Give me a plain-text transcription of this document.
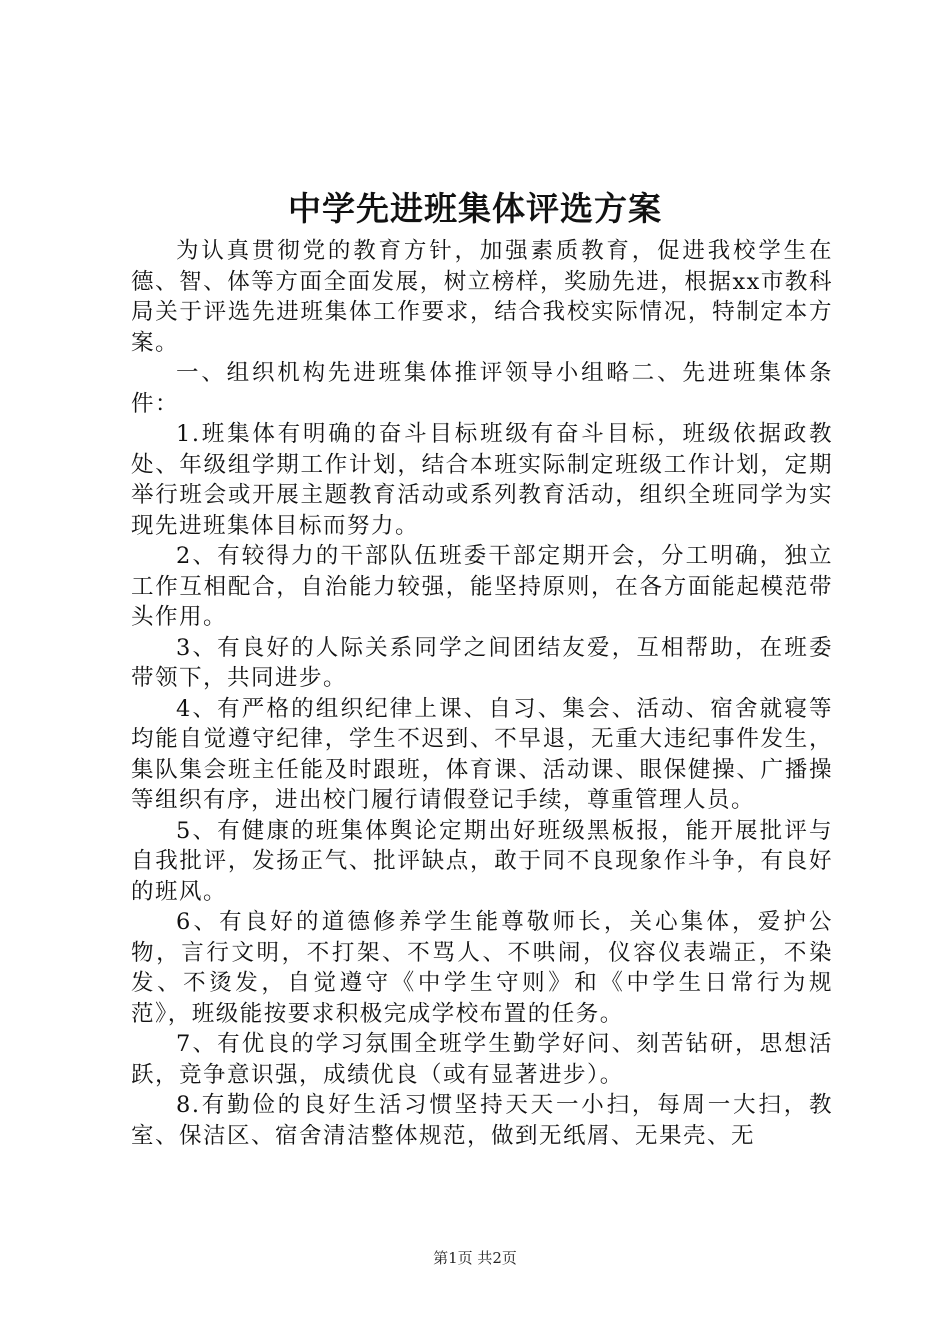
中学先进班集体评选方案

为认真贯彻党的教育方针，加强素质教育，促进我校学生在德、智、体等方面全面发展，树立榜样，奖励先进，根据xx市教科局关于评选先进班集体工作要求，结合我校实际情况，特制定本方案。

一、组织机构先进班集体推评领导小组略二、先进班集体条件：

1.班集体有明确的奋斗目标班级有奋斗目标，班级依据政教处、年级组学期工作计划，结合本班实际制定班级工作计划，定期举行班会或开展主题教育活动或系列教育活动，组织全班同学为实现先进班集体目标而努力。

2、有较得力的干部队伍班委干部定期开会，分工明确，独立工作互相配合，自治能力较强，能坚持原则，在各方面能起模范带头作用。

3、有良好的人际关系同学之间团结友爱，互相帮助，在班委带领下，共同进步。

4、有严格的组织纪律上课、自习、集会、活动、宿舍就寝等均能自觉遵守纪律，学生不迟到、不早退，无重大违纪事件发生，集队集会班主任能及时跟班，体育课、活动课、眼保健操、广播操等组织有序，进出校门履行请假登记手续，尊重管理人员。

5、有健康的班集体舆论定期出好班级黑板报，能开展批评与自我批评，发扬正气、批评缺点，敢于同不良现象作斗争，有良好的班风。

6、有良好的道德修养学生能尊敬师长，关心集体，爱护公物，言行文明，不打架、不骂人、不哄闹，仪容仪表端正，不染发、不烫发，自觉遵守《中学生守则》和《中学生日常行为规范》，班级能按要求积极完成学校布置的任务。

7、有优良的学习氛围全班学生勤学好问、刻苦钻研，思想活跃，竞争意识强，成绩优良（或有显著进步）。

8.有勤俭的良好生活习惯坚持天天一小扫，每周一大扫，教室、保洁区、宿舍清洁整体规范，做到无纸屑、无果壳、无

第1页 共2页
